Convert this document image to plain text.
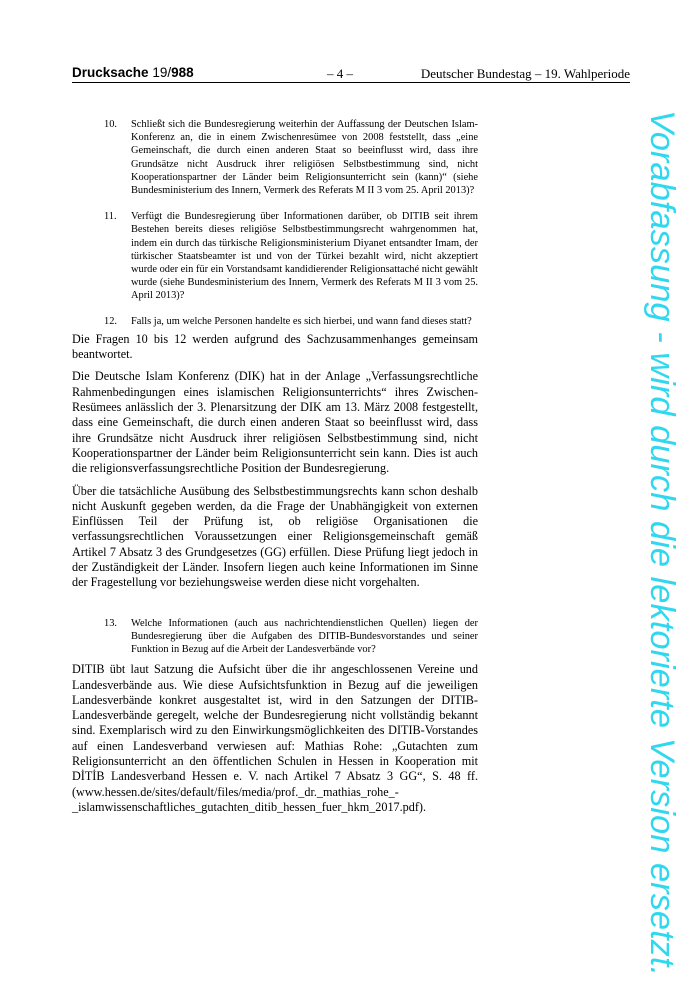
Drucksache 19/988	– 4 –	Deutscher Bundestag – 19. Wahlperiode
10. Schließt sich die Bundesregierung weiterhin der Auffassung der Deutschen Islam-Konferenz an, die in einem Zwischenresümee von 2008 feststellt, dass „eine Gemeinschaft, die durch einen anderen Staat so beeinflusst wird, dass ihre Grundsätze nicht Ausdruck ihrer religiösen Selbstbestimmung sind, nicht Kooperationspartner der Länder beim Religionsunterricht sein (kann)“ (siehe Bundesministerium des Innern, Vermerk des Referats M II 3 vom 25. April 2013)?
11. Verfügt die Bundesregierung über Informationen darüber, ob DITIB seit ihrem Bestehen bereits dieses religiöse Selbstbestimmungsrecht wahrgenommen hat, indem ein durch das türkische Religionsministerium Diyanet entsandter Imam, der türkischer Staatsbeamter ist und von der Türkei bezahlt wird, nicht akzeptiert wurde oder ein für ein Vorstandsamt kandidierender Religionsattaché nicht gewählt wurde (siehe Bundesministerium des Innern, Vermerk des Referats M II 3 vom 25. April 2013)?
12. Falls ja, um welche Personen handelte es sich hierbei, und wann fand dieses statt?

Die Fragen 10 bis 12 werden aufgrund des Sachzusammenhanges gemeinsam beantwortet.

Die Deutsche Islam Konferenz (DIK) hat in der Anlage „Verfassungsrechtliche Rahmenbedingungen eines islamischen Religionsunterrichts“ ihres Zwischen-Resümees anlässlich der 3. Plenarsitzung der DIK am 13. März 2008 festgestellt, dass eine Gemeinschaft, die durch einen anderen Staat so beeinflusst wird, dass ihre Grundsätze nicht Ausdruck ihrer religiösen Selbstbestimmung sind, nicht Kooperationspartner der Länder beim Religionsunterricht sein kann. Dies ist auch die religionsverfassungsrechtliche Position der Bundesregierung.

Über die tatsächliche Ausübung des Selbstbestimmungsrechts kann schon deshalb nicht Auskunft gegeben werden, da die Frage der Unabhängigkeit von externen Einflüssen Teil der Prüfung ist, ob religiöse Organisationen die verfassungsrechtlichen Voraussetzungen einer Religionsgemeinschaft gemäß Artikel 7 Absatz 3 des Grundgesetzes (GG) erfüllen. Diese Prüfung liegt jedoch in der Zuständigkeit der Länder. Insofern liegen auch keine Informationen im Sinne der Fragestellung vor beziehungsweise werden diese nicht vorgehalten.

13. Welche Informationen (auch aus nachrichtendienstlichen Quellen) liegen der Bundesregierung über die Aufgaben des DITIB-Bundesvorstandes und seiner Funktion in Bezug auf die Arbeit der Landesverbände vor?

DITIB übt laut Satzung die Aufsicht über die ihr angeschlossenen Vereine und Landesverbände aus. Wie diese Aufsichtsfunktion in Bezug auf die jeweiligen Landesverbände konkret ausgestaltet ist, wird in den Satzungen der DITIB-Landesverbände geregelt, welche der Bundesregierung nicht vollständig bekannt sind. Exemplarisch wird zu den Einwirkungsmöglichkeiten des DITIB-Vorstandes auf einen Landesverband verwiesen auf: Mathias Rohe: „Gutachten zum Religionsunterricht an den öffentlichen Schulen in Hessen in Kooperation mit DİTİB Landesverband Hessen e. V. nach Artikel 7 Absatz 3 GG“, S. 48 ff. (www.hessen.de/sites/default/files/media/prof._dr._mathias_rohe_-_islamwissenschaftliches_gutachten_ditib_hessen_fuer_hkm_2017.pdf).	Vorabfassung - wird durch die lektorierte Version ersetzt.
